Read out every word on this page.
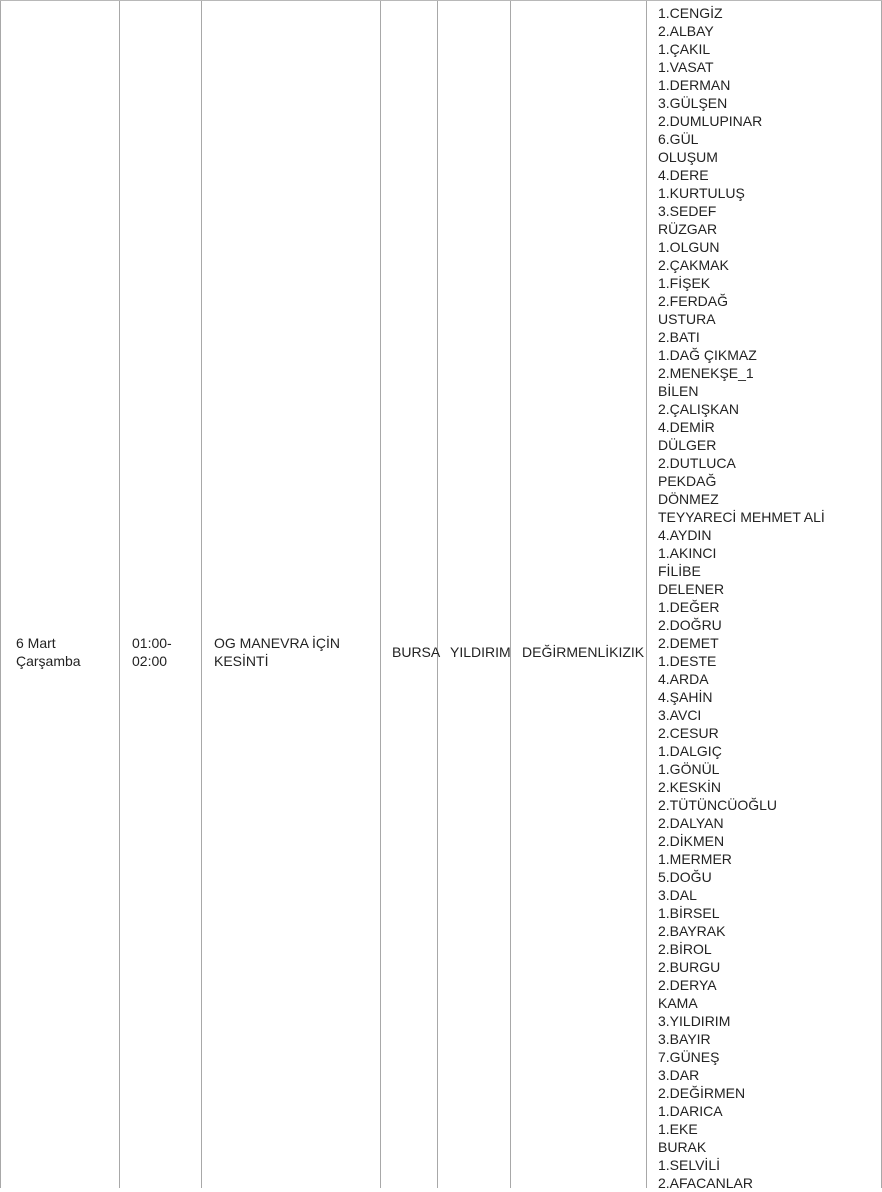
6 Mart
Çarşamba
01:00-
02:00
OG MANEVRA İÇİN
KESİNTİ
BURSA YILDIRIM DEĞİRMENLİKIZIK
1.CENGİZ
2.ALBAY
1.ÇAKIL
1.VASAT
1.DERMAN
3.GÜLŞEN
2.DUMLUPINAR
6.GÜL
OLUŞUM
4.DERE
1.KURTULUŞ
3.SEDEF
RÜZGAR
1.OLGUN
2.ÇAKMAK
1.FİŞEK
2.FERDAĞ
USTURA
2.BATI
1.DAĞ ÇIKMAZ
2.MENEKŞE_1
BİLEN
2.ÇALIŞKAN
4.DEMİR
DÜLGER
2.DUTLUCA
PEKDAĞ
DÖNMEZ
TEYYARECİ MEHMET ALİ
4.AYDIN
1.AKINCI
FİLİBE
DELENER
1.DEĞER
2.DOĞRU
2.DEMET
1.DESTE
4.ARDA
4.ŞAHİN
3.AVCI
2.CESUR
1.DALGIÇ
1.GÖNÜL
2.KESKİN
2.TÜTÜNCÜOĞLU
2.DALYAN
2.DİKMEN
1.MERMER
5.DOĞU
3.DAL
1.BİRSEL
2.BAYRAK
2.BİROL
2.BURGU
2.DERYA
KAMA
3.YILDIRIM
3.BAYIR
7.GÜNEŞ
3.DAR
2.DEĞİRMEN
1.DARICA
1.EKE
BURAK
1.SELVİLİ
2.AFACANLAR
